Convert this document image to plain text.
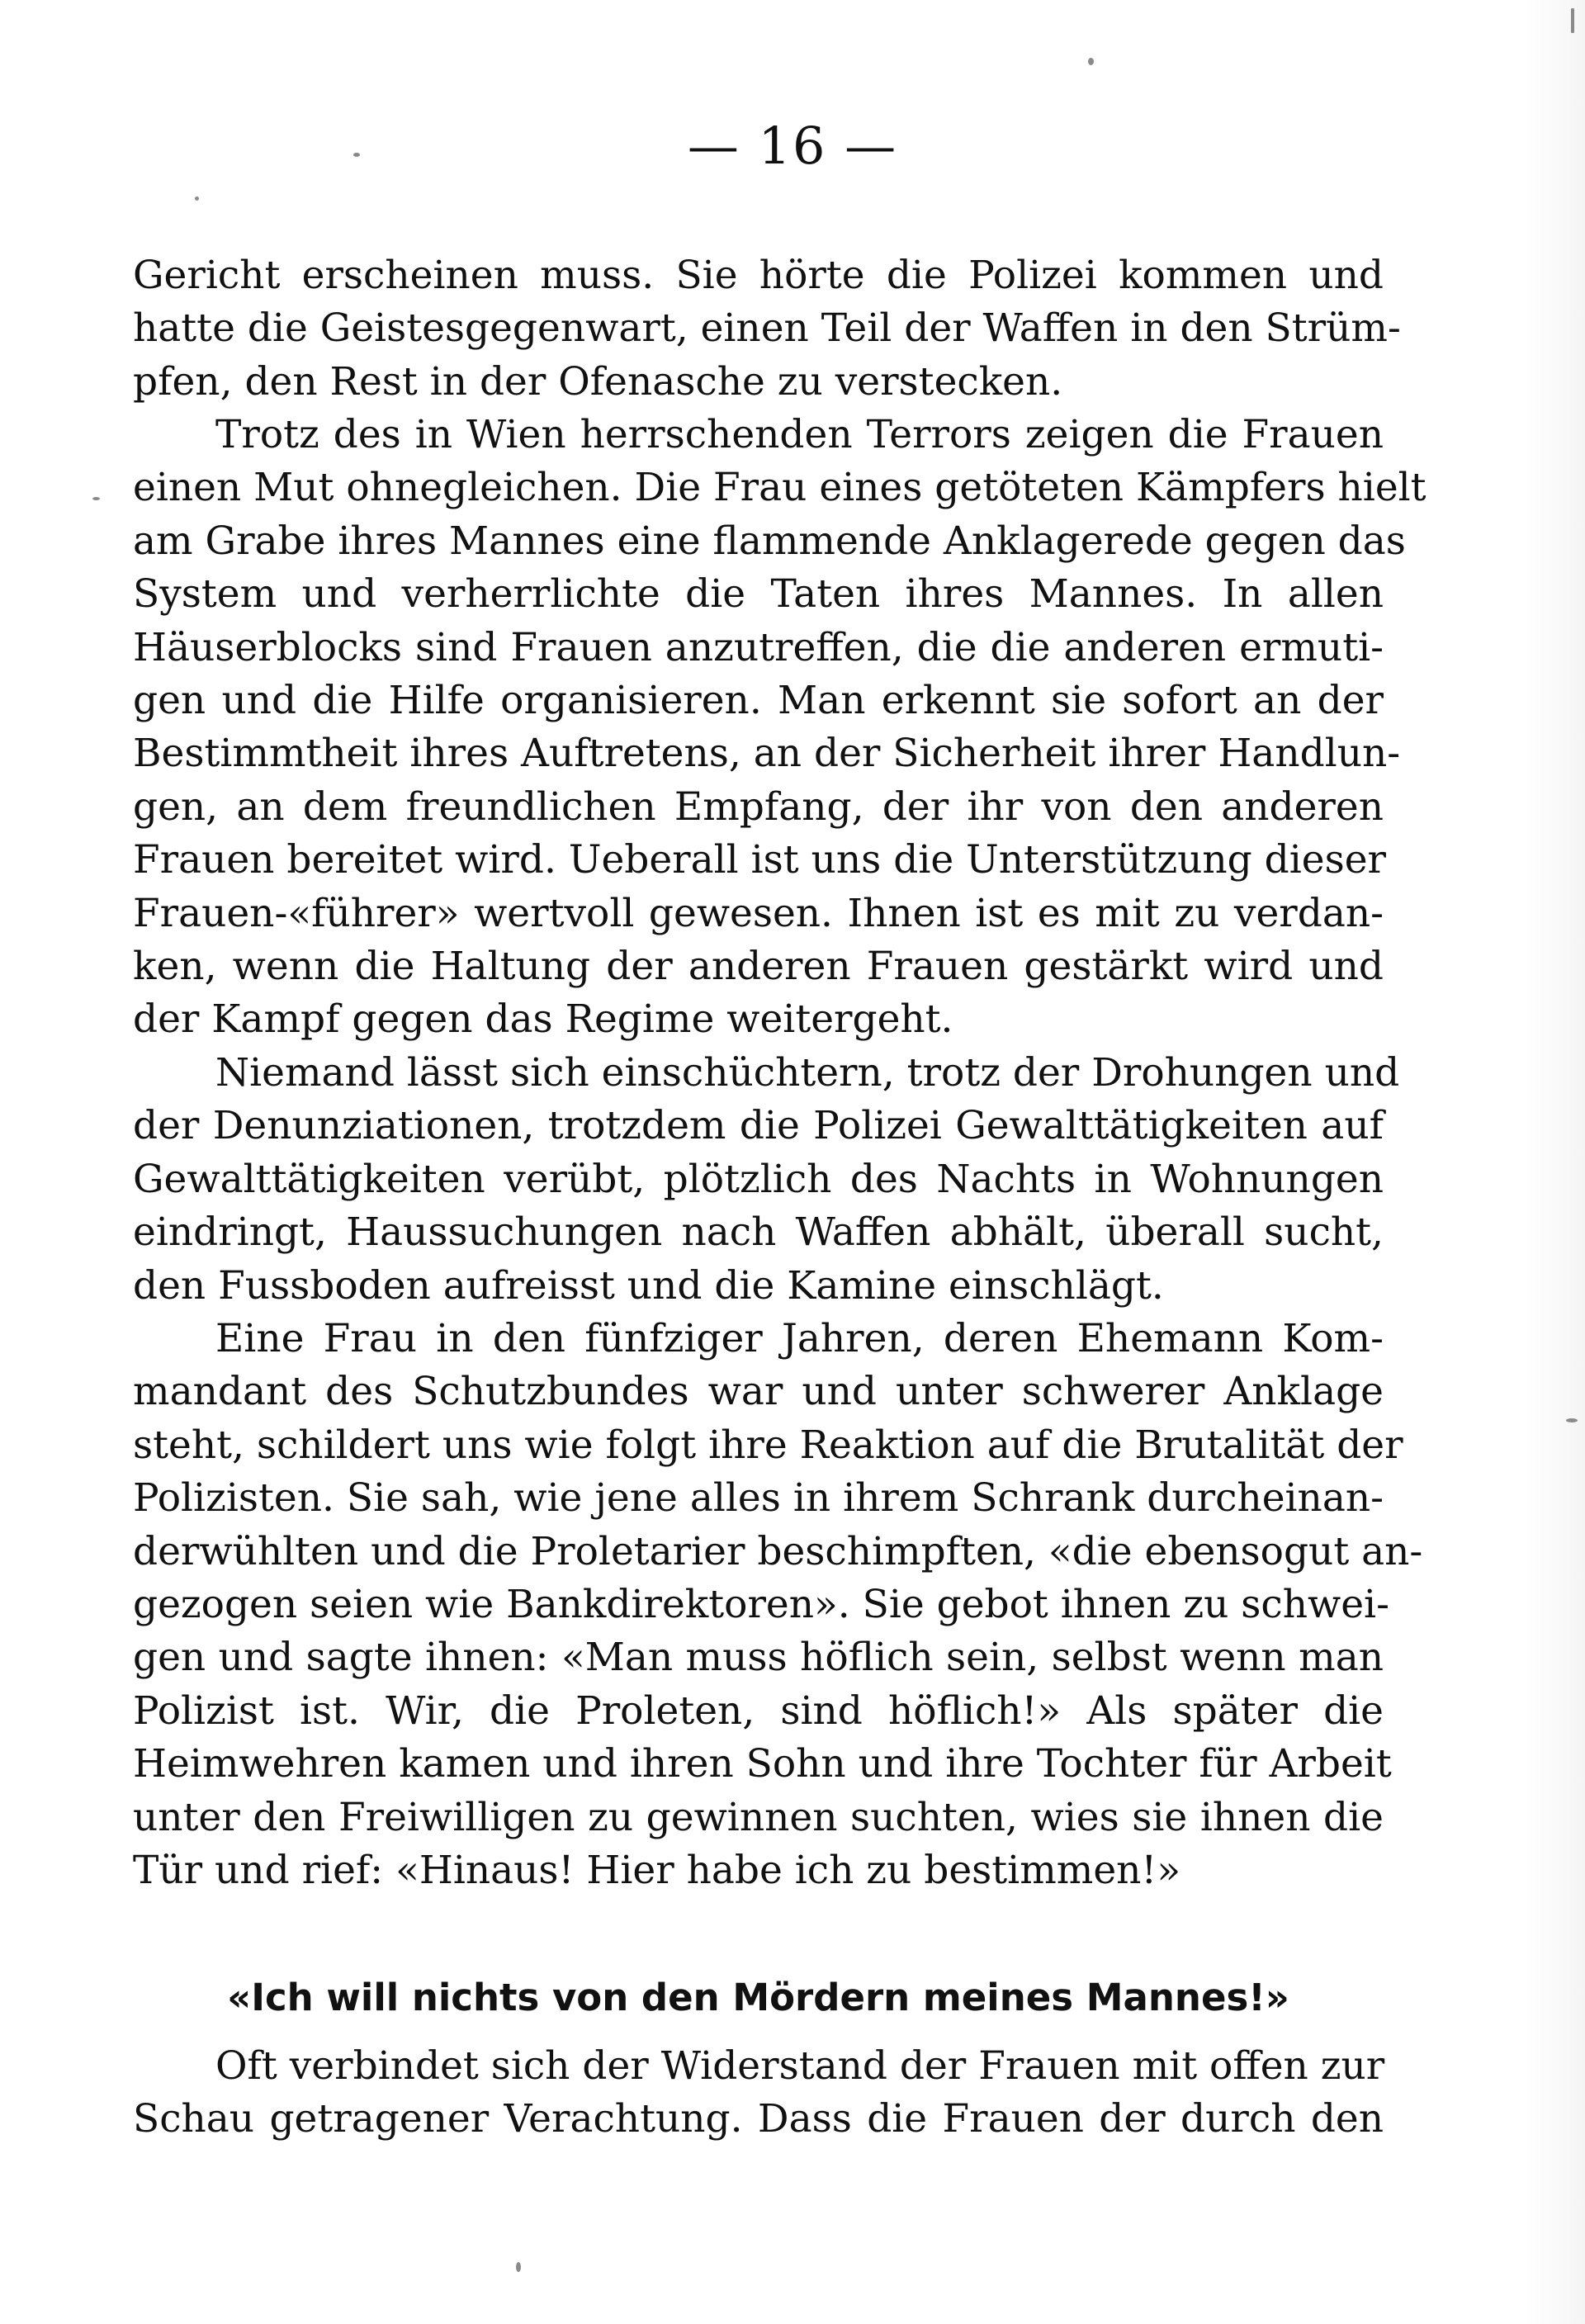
— 16 —
Gericht erscheinen muss. Sie hörte die Polizei kommen und
hatte die Geistesgegenwart, einen Teil der Waffen in den Strüm-
pfen, den Rest in der Ofenasche zu verstecken.
Trotz des in Wien herrschenden Terrors zeigen die Frauen
einen Mut ohnegleichen. Die Frau eines getöteten Kämpfers hielt
am Grabe ihres Mannes eine flammende Anklagerede gegen das
System und verherrlichte die Taten ihres Mannes. In allen
Häuserblocks sind Frauen anzutreffen, die die anderen ermuti-
gen und die Hilfe organisieren. Man erkennt sie sofort an der
Bestimmtheit ihres Auftretens, an der Sicherheit ihrer Handlun-
gen, an dem freundlichen Empfang, der ihr von den anderen
Frauen bereitet wird. Ueberall ist uns die Unterstützung dieser
Frauen-«führer» wertvoll gewesen. Ihnen ist es mit zu verdan-
ken, wenn die Haltung der anderen Frauen gestärkt wird und
der Kampf gegen das Regime weitergeht.
Niemand lässt sich einschüchtern, trotz der Drohungen und
der Denunziationen, trotzdem die Polizei Gewalttätigkeiten auf
Gewalttätigkeiten verübt, plötzlich des Nachts in Wohnungen
eindringt, Haussuchungen nach Waffen abhält, überall sucht,
den Fussboden aufreisst und die Kamine einschlägt.
Eine Frau in den fünfziger Jahren, deren Ehemann Kom-
mandant des Schutzbundes war und unter schwerer Anklage
steht, schildert uns wie folgt ihre Reaktion auf die Brutalität der
Polizisten. Sie sah, wie jene alles in ihrem Schrank durcheinan-
derwühlten und die Proletarier beschimpften, «die ebensogut an-
gezogen seien wie Bankdirektoren». Sie gebot ihnen zu schwei-
gen und sagte ihnen: «Man muss höflich sein, selbst wenn man
Polizist ist. Wir, die Proleten, sind höflich!» Als später die
Heimwehren kamen und ihren Sohn und ihre Tochter für Arbeit
unter den Freiwilligen zu gewinnen suchten, wies sie ihnen die
Tür und rief: «Hinaus! Hier habe ich zu bestimmen!»
«Ich will nichts von den Mördern meines Mannes!»
Oft verbindet sich der Widerstand der Frauen mit offen zur
Schau getragener Verachtung. Dass die Frauen der durch den
